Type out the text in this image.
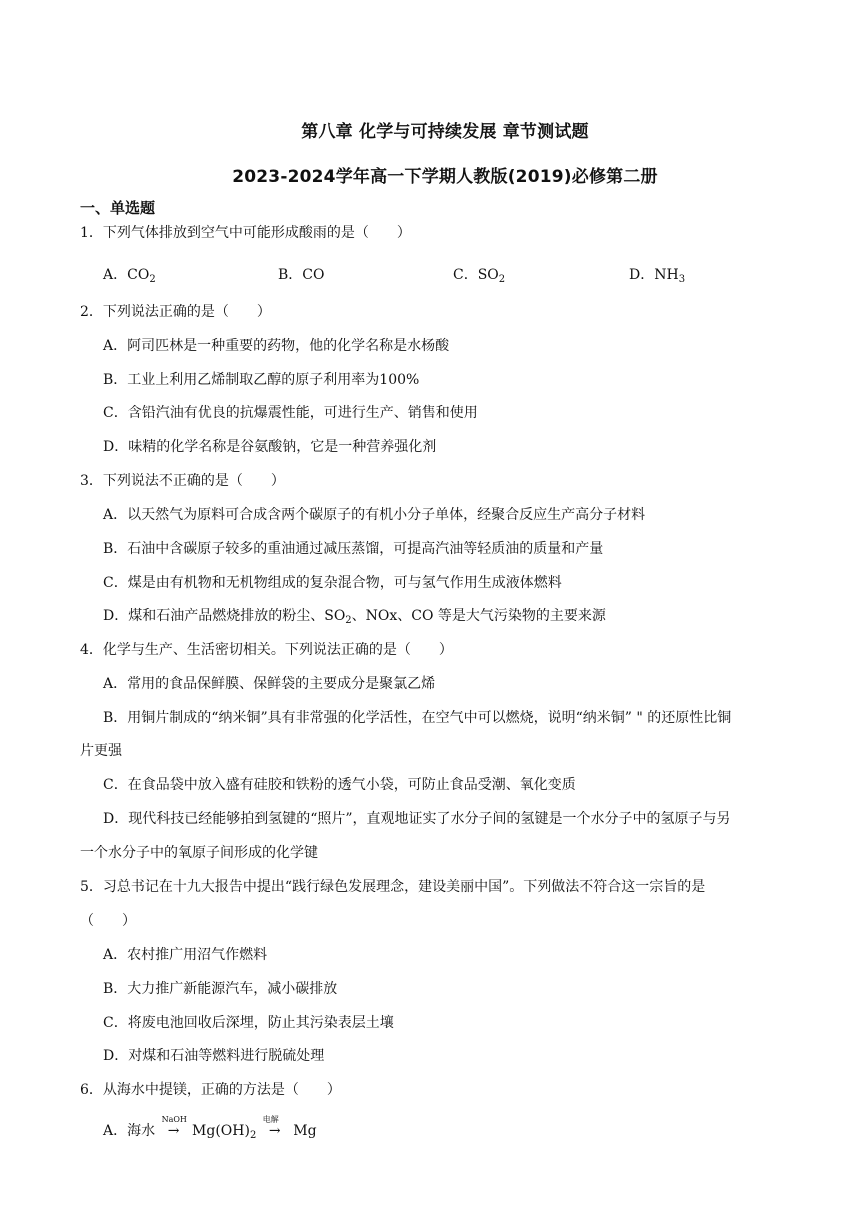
第八章 化学与可持续发展 章节测试题
2023-2024学年高一下学期人教版(2019)必修第二册
一、单选题
1．下列气体排放到空气中可能形成酸雨的是（　　）
A．$CO_2$	B．CO	C．$SO_2$	D．$NH_3$
2．下列说法正确的是（　　）
A．阿司匹林是一种重要的药物，他的化学名称是水杨酸
B．工业上利用乙烯制取乙醇的原子利用率为100%
C．含铅汽油有优良的抗爆震性能，可进行生产、销售和使用
D．味精的化学名称是谷氨酸钠，它是一种营养强化剂
3．下列说法不正确的是（　　）
A．以天然气为原料可合成含两个碳原子的有机小分子单体，经聚合反应生产高分子材料
B．石油中含碳原子较多的重油通过减压蒸馏，可提高汽油等轻质油的质量和产量
C．煤是由有机物和无机物组成的复杂混合物，可与氢气作用生成液体燃料
D．煤和石油产品燃烧排放的粉尘、$SO_2$、NOx、CO 等是大气污染物的主要来源
4．化学与生产、生活密切相关。下列说法正确的是（　　）
A．常用的食品保鲜膜、保鲜袋的主要成分是聚氯乙烯
B．用铜片制成的“纳米铜”具有非常强的化学活性，在空气中可以燃烧，说明“纳米铜” " 的还原性比铜
片更强
C．在食品袋中放入盛有硅胶和铁粉的透气小袋，可防止食品受潮、氧化变质
D．现代科技已经能够拍到氢键的“照片”，直观地证实了水分子间的氢键是一个水分子中的氢原子与另
一个水分子中的氧原子间形成的化学键
5．习总书记在十九大报告中提出“践行绿色发展理念，建设美丽中国”。下列做法不符合这一宗旨的是
（　　）
A．农村推广用沼气作燃料
B．大力推广新能源汽车，减小碳排放
C．将废电池回收后深埋，防止其污染表层土壤
D．对煤和石油等燃料进行脱硫处理
6．从海水中提镁，正确的方法是（　　）
A．海水
NaOH
→ $Mg(OH)_2$
电解
→ Mg
